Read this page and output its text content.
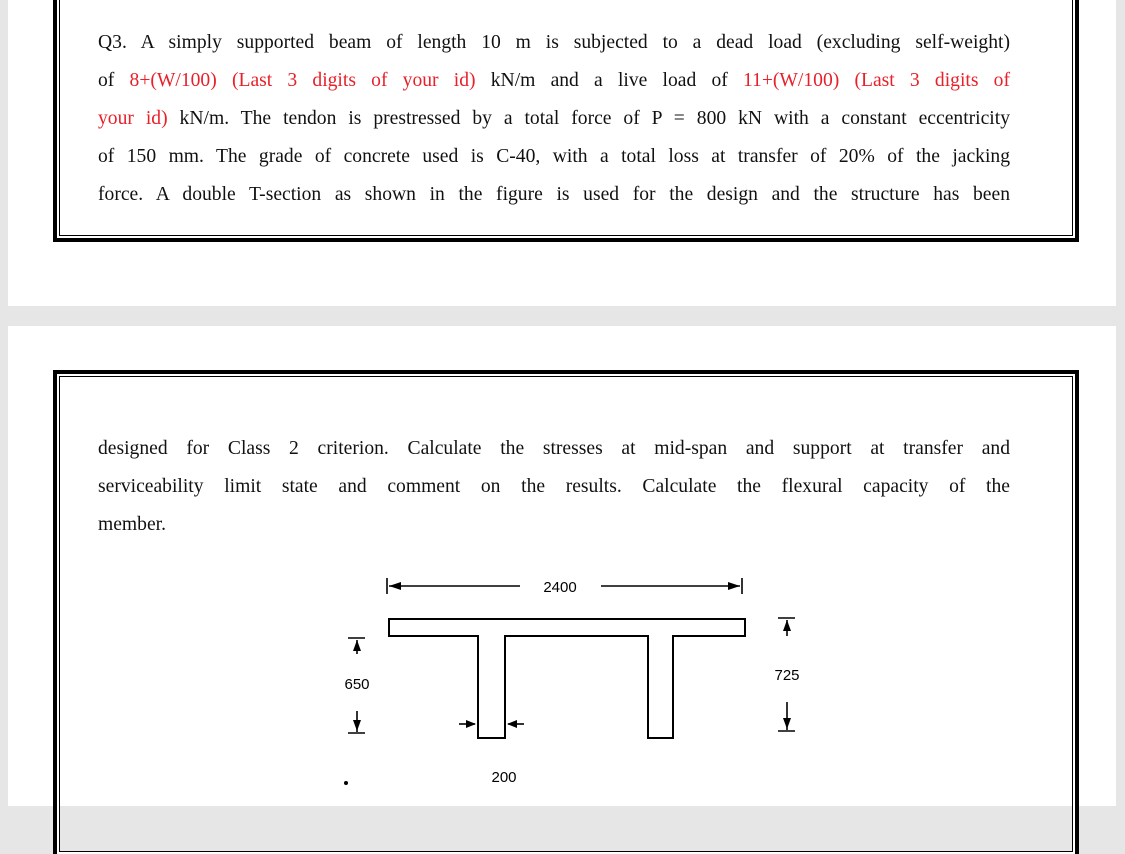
Q3. A simply supported beam of length 10 m is subjected to a dead load (excluding self-weight)
of 8+(W/100) (Last 3 digits of your id) kN/m and a live load of 11+(W/100) (Last 3 digits of
your id) kN/m. The tendon is prestressed by a total force of P = 800 kN with a constant eccentricity
of 150 mm. The grade of concrete used is C-40, with a total loss at transfer of 20% of the jacking
force. A double T-section as shown in the figure is used for the design and the structure has been
designed for Class 2 criterion. Calculate the stresses at mid-span and support at transfer and
serviceability limit state and comment on the results. Calculate the flexural capacity of the
member.
2400
650
725
200
